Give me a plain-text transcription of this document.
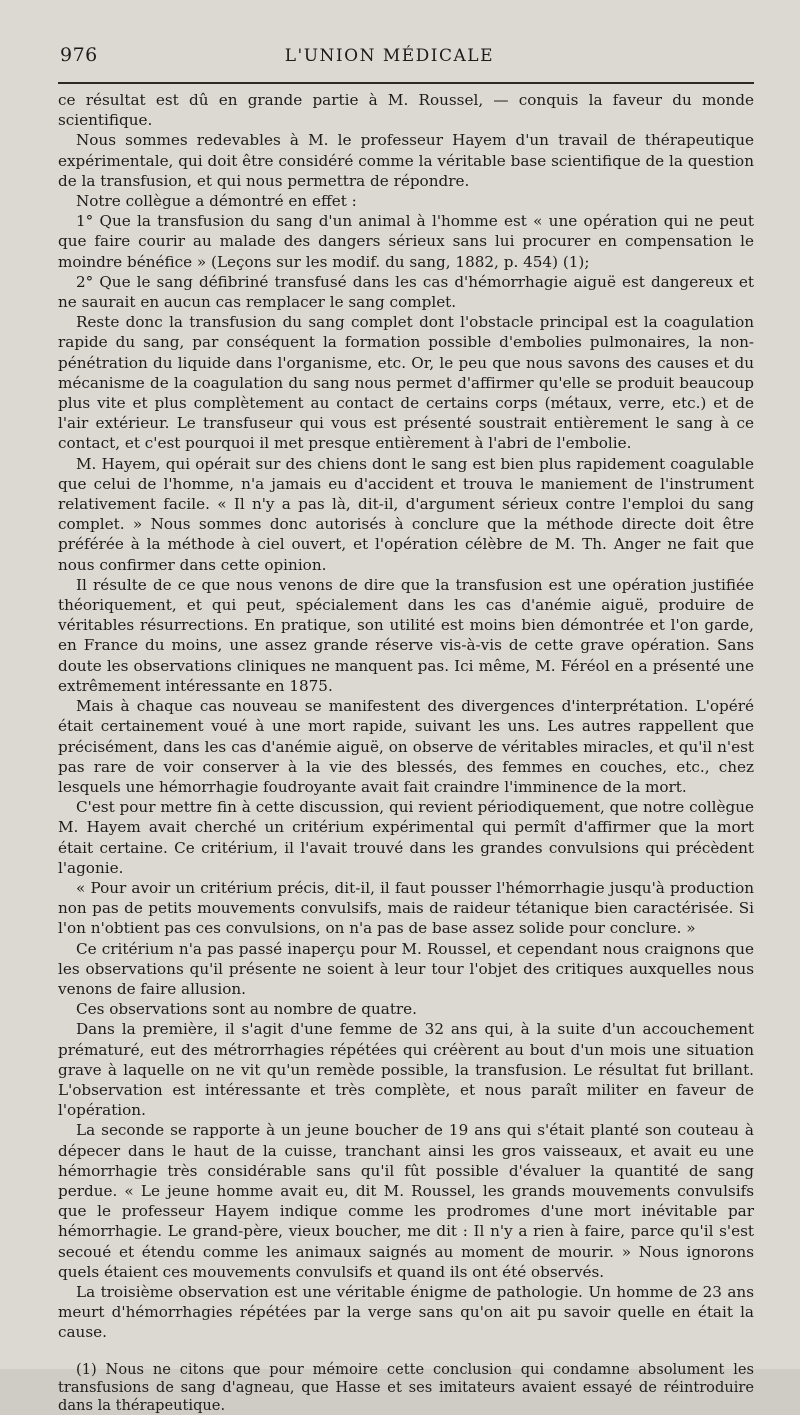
976	L'UNION MÉDICALE

ce résultat est dû en grande partie à M. Roussel, — conquis la faveur du monde scientifique.

Nous sommes redevables à M. le professeur Hayem d'un travail de thérapeutique expérimentale, qui doit être considéré comme la véritable base scientifique de la question de la transfusion, et qui nous permettra de répondre.

Notre collègue a démontré en effet :

1° Que la transfusion du sang d'un animal à l'homme est « une opération qui ne peut que faire courir au malade des dangers sérieux sans lui procurer en compensation le moindre bénéfice » (Leçons sur les modif. du sang, 1882, p. 454) (1);

2° Que le sang défibriné transfusé dans les cas d'hémorrhagie aiguë est dangereux et ne saurait en aucun cas remplacer le sang complet.

Reste donc la transfusion du sang complet dont l'obstacle principal est la coagulation rapide du sang, par conséquent la formation possible d'embolies pulmonaires, la non-pénétration du liquide dans l'organisme, etc. Or, le peu que nous savons des causes et du mécanisme de la coagulation du sang nous permet d'affirmer qu'elle se produit beaucoup plus vite et plus complètement au contact de certains corps (métaux, verre, etc.) et de l'air extérieur. Le transfuseur qui vous est présenté soustrait entièrement le sang à ce contact, et c'est pourquoi il met presque entièrement à l'abri de l'embolie.

M. Hayem, qui opérait sur des chiens dont le sang est bien plus rapidement coagulable que celui de l'homme, n'a jamais eu d'accident et trouva le maniement de l'instrument relativement facile. « Il n'y a pas là, dit-il, d'argument sérieux contre l'emploi du sang complet. » Nous sommes donc autorisés à conclure que la méthode directe doit être préférée à la méthode à ciel ouvert, et l'opération célèbre de M. Th. Anger ne fait que nous confirmer dans cette opinion.

Il résulte de ce que nous venons de dire que la transfusion est une opération justifiée théoriquement, et qui peut, spécialement dans les cas d'anémie aiguë, produire de véritables résurrections. En pratique, son utilité est moins bien démontrée et l'on garde, en France du moins, une assez grande réserve vis-à-vis de cette grave opération. Sans doute les observations cliniques ne manquent pas. Ici même, M. Féréol en a présenté une extrêmement intéressante en 1875.

Mais à chaque cas nouveau se manifestent des divergences d'interprétation. L'opéré était certainement voué à une mort rapide, suivant les uns. Les autres rappellent que précisément, dans les cas d'anémie aiguë, on observe de véritables miracles, et qu'il n'est pas rare de voir conserver à la vie des blessés, des femmes en couches, etc., chez lesquels une hémorrhagie foudroyante avait fait craindre l'imminence de la mort.

C'est pour mettre fin à cette discussion, qui revient périodiquement, que notre collègue M. Hayem avait cherché un critérium expérimental qui permît d'affirmer que la mort était certaine. Ce critérium, il l'avait trouvé dans les grandes convulsions qui précèdent l'agonie.

« Pour avoir un critérium précis, dit-il, il faut pousser l'hémorrhagie jusqu'à production non pas de petits mouvements convulsifs, mais de raideur tétanique bien caractérisée. Si l'on n'obtient pas ces convulsions, on n'a pas de base assez solide pour conclure. »

Ce critérium n'a pas passé inaperçu pour M. Roussel, et cependant nous craignons que les observations qu'il présente ne soient à leur tour l'objet des critiques auxquelles nous venons de faire allusion.

Ces observations sont au nombre de quatre.

Dans la première, il s'agit d'une femme de 32 ans qui, à la suite d'un accouchement prématuré, eut des métrorrhagies répétées qui créèrent au bout d'un mois une situation grave à laquelle on ne vit qu'un remède possible, la transfusion. Le résultat fut brillant. L'observation est intéressante et très complète, et nous paraît militer en faveur de l'opération.

La seconde se rapporte à un jeune boucher de 19 ans qui s'était planté son couteau à dépecer dans le haut de la cuisse, tranchant ainsi les gros vaisseaux, et avait eu une hémorrhagie très considérable sans qu'il fût possible d'évaluer la quantité de sang perdue. « Le jeune homme avait eu, dit M. Roussel, les grands mouvements convulsifs que le professeur Hayem indique comme les prodromes d'une mort inévitable par hémorrhagie. Le grand-père, vieux boucher, me dit : Il n'y a rien à faire, parce qu'il s'est secoué et étendu comme les animaux saignés au moment de mourir. » Nous ignorons quels étaient ces mouvements convulsifs et quand ils ont été observés.

La troisième observation est une véritable énigme de pathologie. Un homme de 23 ans meurt d'hémorrhagies répétées par la verge sans qu'on ait pu savoir quelle en était la cause.

(1) Nous ne citons que pour mémoire cette conclusion qui condamne absolument les transfusions de sang d'agneau, que Hasse et ses imitateurs avaient essayé de réintroduire dans la thérapeutique.
